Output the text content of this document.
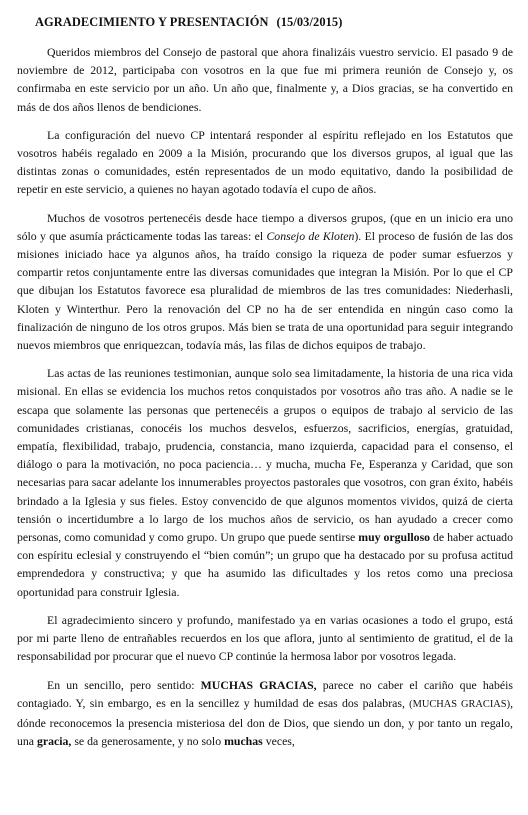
AGRADECIMIENTO Y PRESENTACIÓN (15/03/2015)

Queridos miembros del Consejo de pastoral que ahora finalizáis vuestro servicio. El pasado 9 de noviembre de 2012, participaba con vosotros en la que fue mi primera reunión de Consejo y, os confirmaba en este servicio por un año. Un año que, finalmente y, a Dios gracias, se ha convertido en más de dos años llenos de bendiciones.

La configuración del nuevo CP intentará responder al espíritu reflejado en los Estatutos que vosotros habéis regalado en 2009 a la Misión, procurando que los diversos grupos, al igual que las distintas zonas o comunidades, estén representados de un modo equitativo, dando la posibilidad de repetir en este servicio, a quienes no hayan agotado todavía el cupo de años.

Muchos de vosotros pertenecéis desde hace tiempo a diversos grupos, (que en un inicio era uno sólo y que asumía prácticamente todas las tareas: el Consejo de Kloten). El proceso de fusión de las dos misiones iniciado hace ya algunos años, ha traído consigo la riqueza de poder sumar esfuerzos y compartir retos conjuntamente entre las diversas comunidades que integran la Misión. Por lo que el CP que dibujan los Estatutos favorece esa pluralidad de miembros de las tres comunidades: Niederhasli, Kloten y Winterthur. Pero la renovación del CP no ha de ser entendida en ningún caso como la finalización de ninguno de los otros grupos. Más bien se trata de una oportunidad para seguir integrando nuevos miembros que enriquezcan, todavía más, las filas de dichos equipos de trabajo.

Las actas de las reuniones testimonian, aunque solo sea limitadamente, la historia de una rica vida misional. En ellas se evidencia los muchos retos conquistados por vosotros año tras año. A nadie se le escapa que solamente las personas que pertenecéis a grupos o equipos de trabajo al servicio de las comunidades cristianas, conocéis los muchos desvelos, esfuerzos, sacrificios, energías, gratuidad, empatía, flexibilidad, trabajo, prudencia, constancia, mano izquierda, capacidad para el consenso, el diálogo o para la motivación, no poca paciencia… y mucha, mucha Fe, Esperanza y Caridad, que son necesarias para sacar adelante los innumerables proyectos pastorales que vosotros, con gran éxito, habéis brindado a la Iglesia y sus fieles. Estoy convencido de que algunos momentos vividos, quizá de cierta tensión o incertidumbre a lo largo de los muchos años de servicio, os han ayudado a crecer como personas, como comunidad y como grupo. Un grupo que puede sentirse muy orgulloso de haber actuado con espíritu eclesial y construyendo el “bien común”; un grupo que ha destacado por su profusa actitud emprendedora y constructiva; y que ha asumido las dificultades y los retos como una preciosa oportunidad para construir Iglesia.

El agradecimiento sincero y profundo, manifestado ya en varias ocasiones a todo el grupo, está por mi parte lleno de entrañables recuerdos en los que aflora, junto al sentimiento de gratitud, el de la responsabilidad por procurar que el nuevo CP continúe la hermosa labor por vosotros legada.

En un sencillo, pero sentido: MUCHAS GRACIAS, parece no caber el cariño que habéis contagiado. Y, sin embargo, es en la sencillez y humildad de esas dos palabras, (MUCHAS GRACIAS), dónde reconocemos la presencia misteriosa del don de Dios, que siendo un don, y por tanto un regalo, una gracia, se da generosamente, y no solo muchas veces,
